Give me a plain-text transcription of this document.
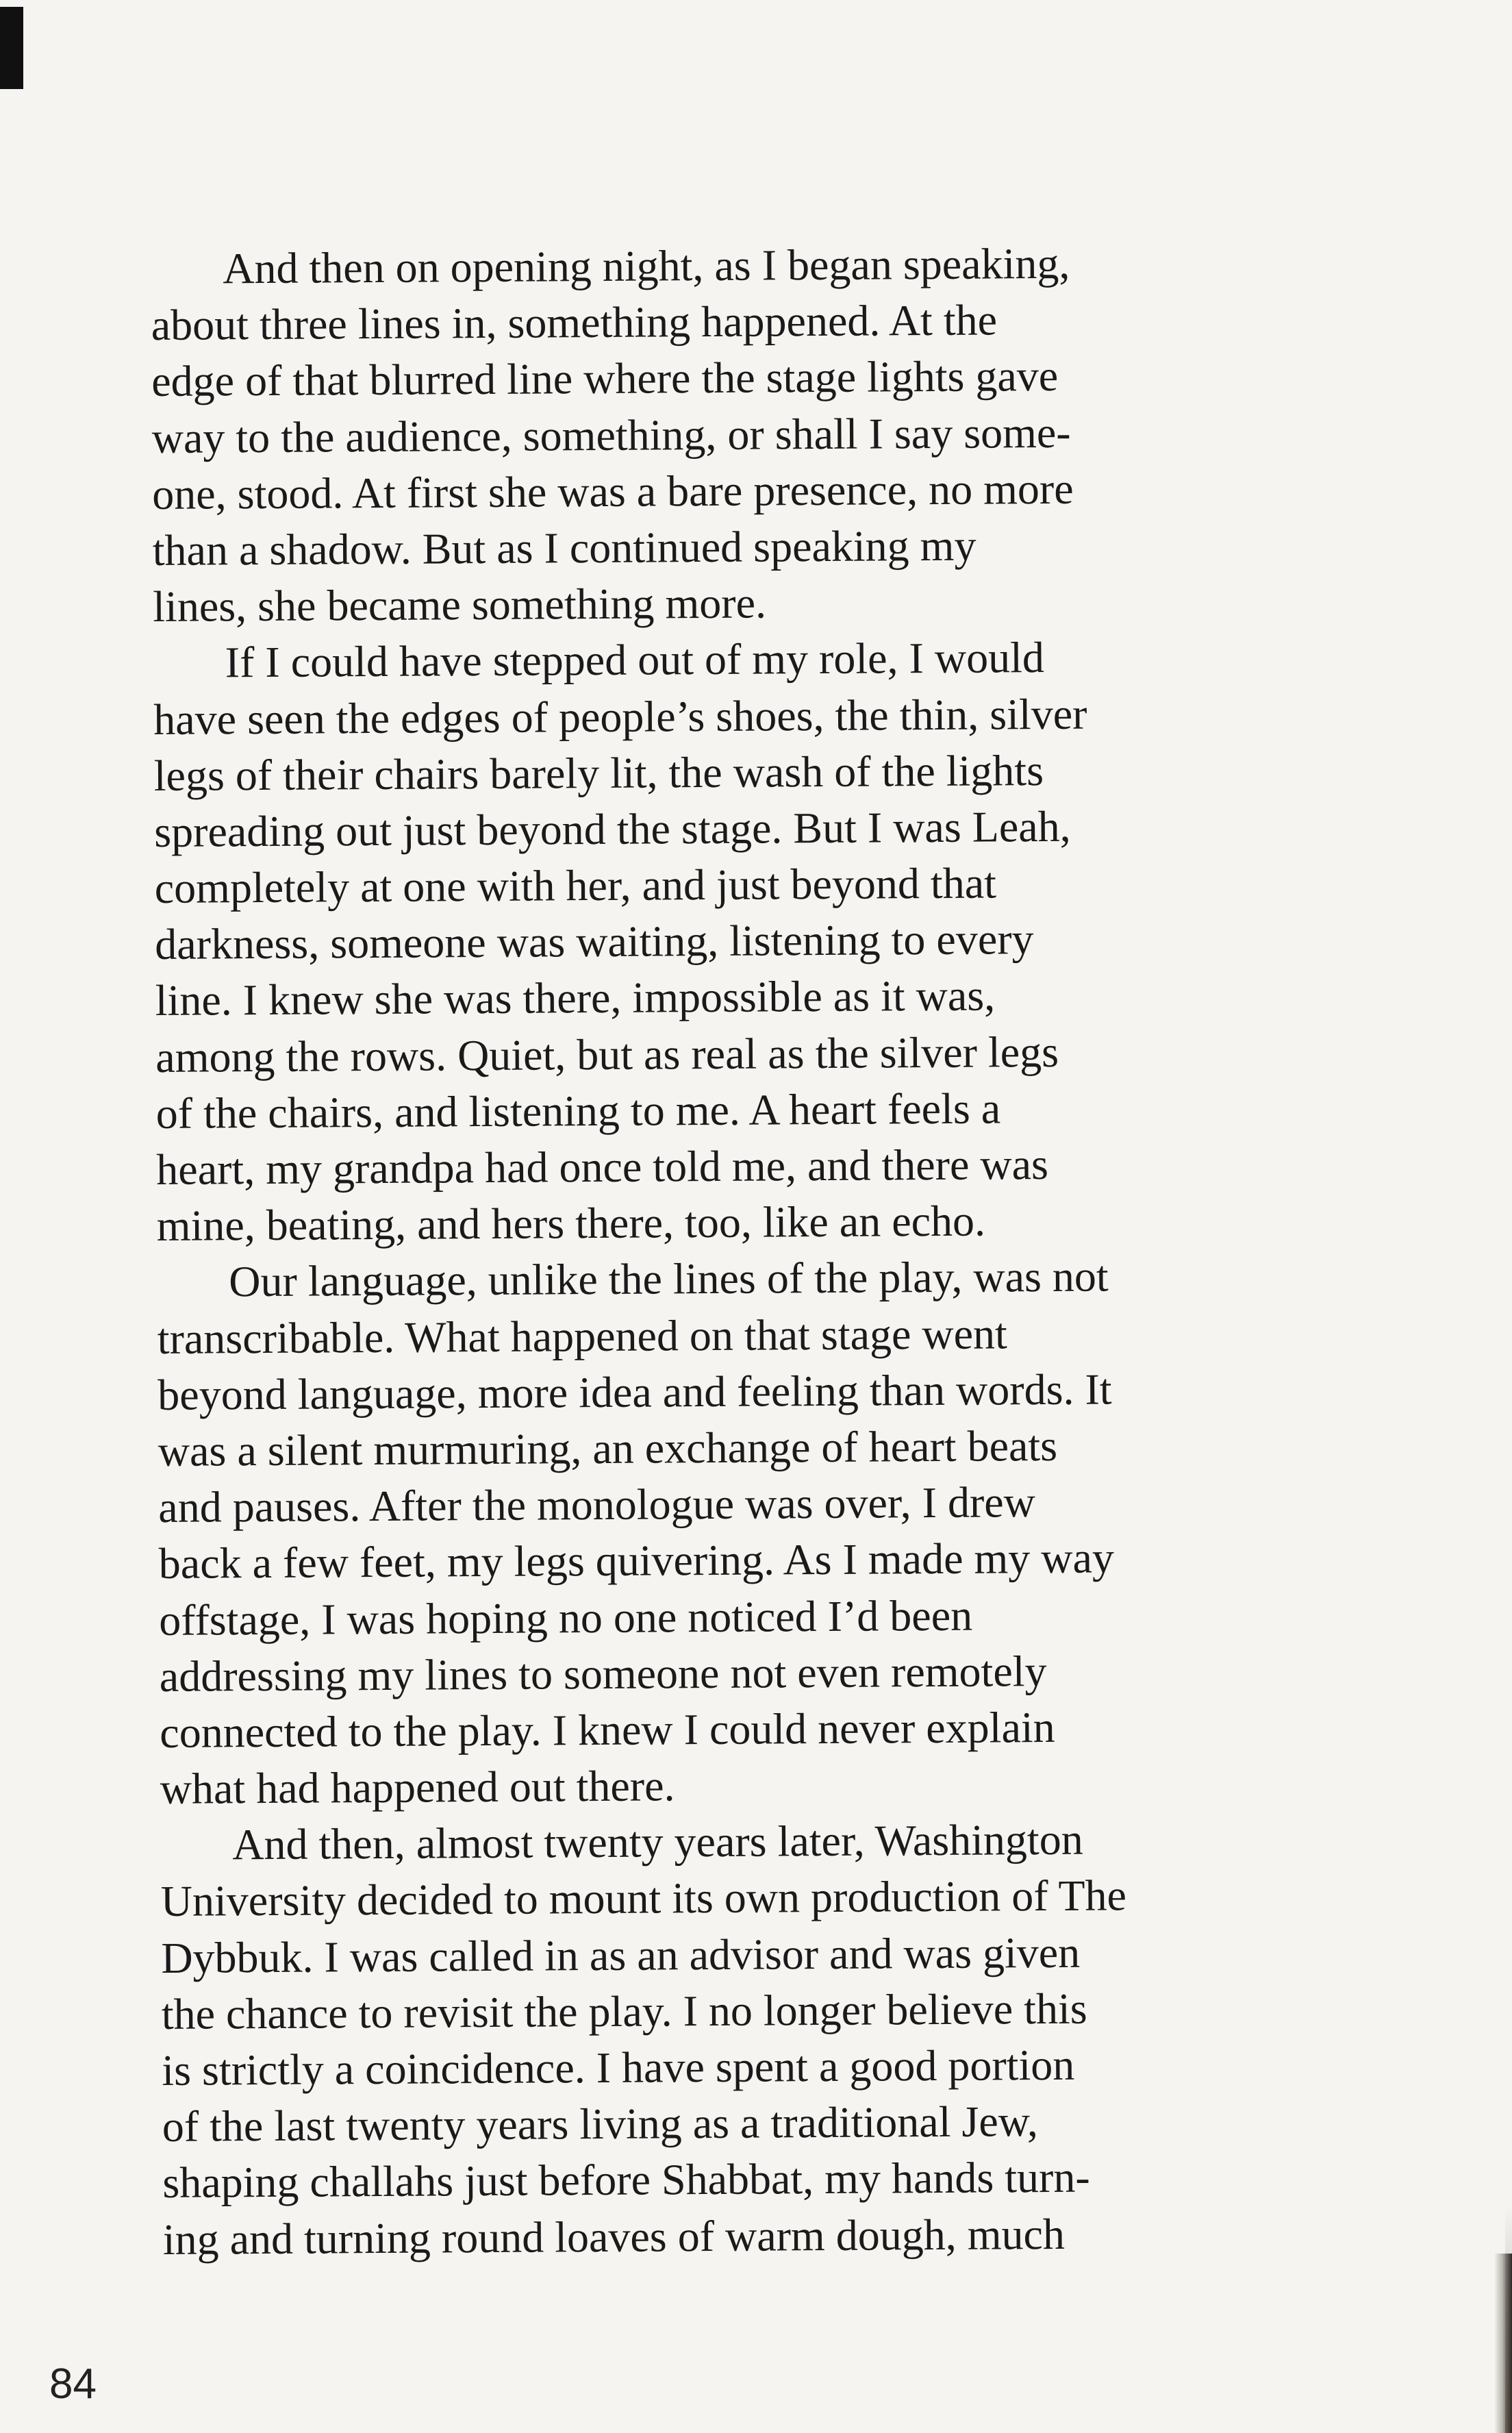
And then on opening night, as I began speaking,
about three lines in, something happened. At the
edge of that blurred line where the stage lights gave
way to the audience, something, or shall I say some-
one, stood. At first she was a bare presence, no more
than a shadow. But as I continued speaking my
lines, she became something more.
If I could have stepped out of my role, I would
have seen the edges of people’s shoes, the thin, silver
legs of their chairs barely lit, the wash of the lights
spreading out just beyond the stage. But I was Leah,
completely at one with her, and just beyond that
darkness, someone was waiting, listening to every
line. I knew she was there, impossible as it was,
among the rows. Quiet, but as real as the silver legs
of the chairs, and listening to me. A heart feels a
heart, my grandpa had once told me, and there was
mine, beating, and hers there, too, like an echo.
Our language, unlike the lines of the play, was not
transcribable. What happened on that stage went
beyond language, more idea and feeling than words. It
was a silent murmuring, an exchange of heart beats
and pauses. After the monologue was over, I drew
back a few feet, my legs quivering. As I made my way
offstage, I was hoping no one noticed I’d been
addressing my lines to someone not even remotely
connected to the play. I knew I could never explain
what had happened out there.
And then, almost twenty years later, Washington
University decided to mount its own production of The
Dybbuk. I was called in as an advisor and was given
the chance to revisit the play. I no longer believe this
is strictly a coincidence. I have spent a good portion
of the last twenty years living as a traditional Jew,
shaping challahs just before Shabbat, my hands turn-
ing and turning round loaves of warm dough, much
84
